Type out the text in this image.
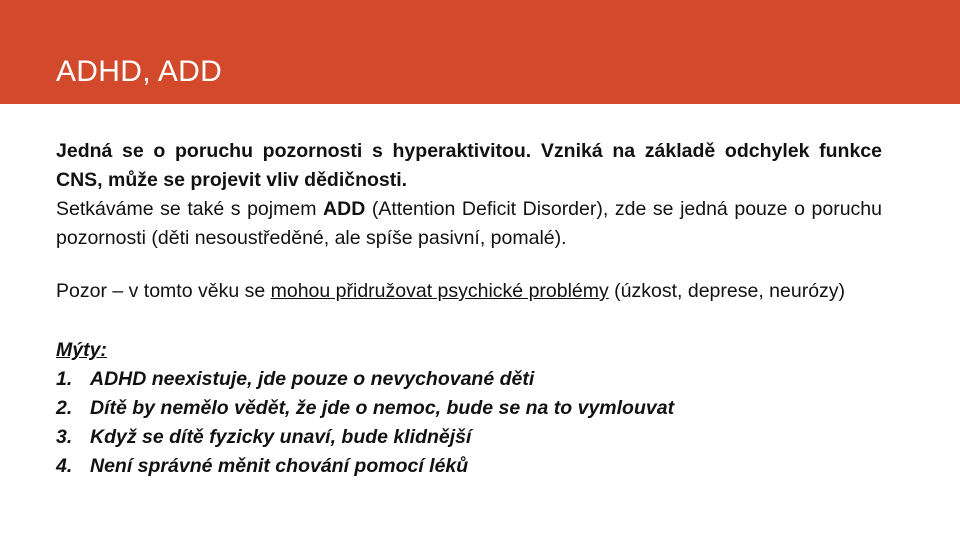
ADHD, ADD

Jedná se o poruchu pozornosti s hyperaktivitou. Vzniká na základě odchylek funkce CNS, může se projevit vliv dědičnosti.

Setkáváme se také s pojmem ADD (Attention Deficit Disorder), zde se jedná pouze o poruchu pozornosti (děti nesoustředěné, ale spíše pasivní, pomalé).

Pozor – v tomto věku se mohou přidružovat psychické problémy (úzkost, deprese, neurózy)

Mýty:

1. ADHD neexistuje, jde pouze o nevychované děti
2. Dítě by nemělo vědět, že jde o nemoc, bude se na to vymlouvat
3. Když se dítě fyzicky unaví, bude klidnější
4. Není správné měnit chování pomocí léků
